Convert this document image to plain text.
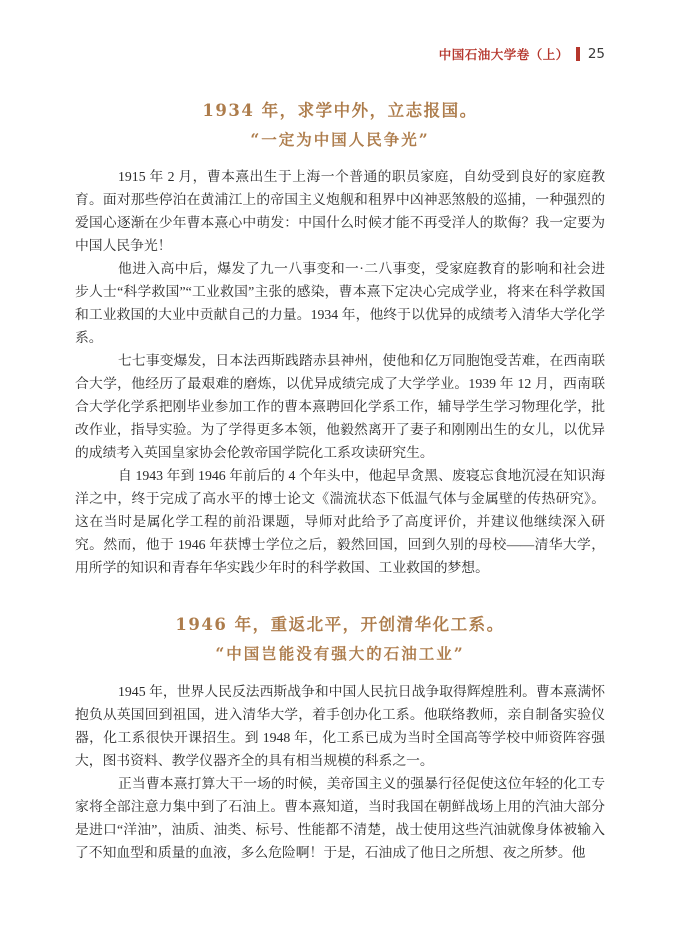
中国石油大学卷（上） 25
1934 年，求学中外，立志报国。
“一定为中国人民争光”

1915 年 2 月，曹本熹出生于上海一个普通的职员家庭，自幼受到良好的家庭教育。面对那些停泊在黄浦江上的帝国主义炮舰和租界中凶神恶煞般的巡捕，一种强烈的爱国心逐渐在少年曹本熹心中萌发：中国什么时候才能不再受洋人的欺侮？我一定要为中国人民争光！

他进入高中后，爆发了九一八事变和一·二八事变，受家庭教育的影响和社会进步人士“科学救国”“工业救国”主张的感染，曹本熹下定决心完成学业，将来在科学救国和工业救国的大业中贡献自己的力量。1934 年，他终于以优异的成绩考入清华大学化学系。

七七事变爆发，日本法西斯践踏赤县神州，使他和亿万同胞饱受苦难，在西南联合大学，他经历了最艰难的磨炼，以优异成绩完成了大学学业。1939 年 12 月，西南联合大学化学系把刚毕业参加工作的曹本熹聘回化学系工作，辅导学生学习物理化学，批改作业，指导实验。为了学得更多本领，他毅然离开了妻子和刚刚出生的女儿，以优异的成绩考入英国皇家协会伦敦帝国学院化工系攻读研究生。

自 1943 年到 1946 年前后的 4 个年头中，他起早贪黑、废寝忘食地沉浸在知识海洋之中，终于完成了高水平的博士论文《湍流状态下低温气体与金属壁的传热研究》。这在当时是属化学工程的前沿课题，导师对此给予了高度评价，并建议他继续深入研究。然而，他于 1946 年获博士学位之后，毅然回国，回到久别的母校——清华大学，用所学的知识和青春年华实践少年时的科学救国、工业救国的梦想。

1946 年，重返北平，开创清华化工系。
“中国岂能没有强大的石油工业”

1945 年，世界人民反法西斯战争和中国人民抗日战争取得辉煌胜利。曹本熹满怀抱负从英国回到祖国，进入清华大学，着手创办化工系。他联络教师，亲自制备实验仪器，化工系很快开课招生。到 1948 年，化工系已成为当时全国高等学校中师资阵容强大，图书资料、教学仪器齐全的具有相当规模的科系之一。

正当曹本熹打算大干一场的时候，美帝国主义的强暴行径促使这位年轻的化工专家将全部注意力集中到了石油上。曹本熹知道，当时我国在朝鲜战场上用的汽油大部分是进口“洋油”，油质、油类、标号、性能都不清楚，战士使用这些汽油就像身体被输入了不知血型和质量的血液，多么危险啊！于是，石油成了他日之所想、夜之所梦。他
